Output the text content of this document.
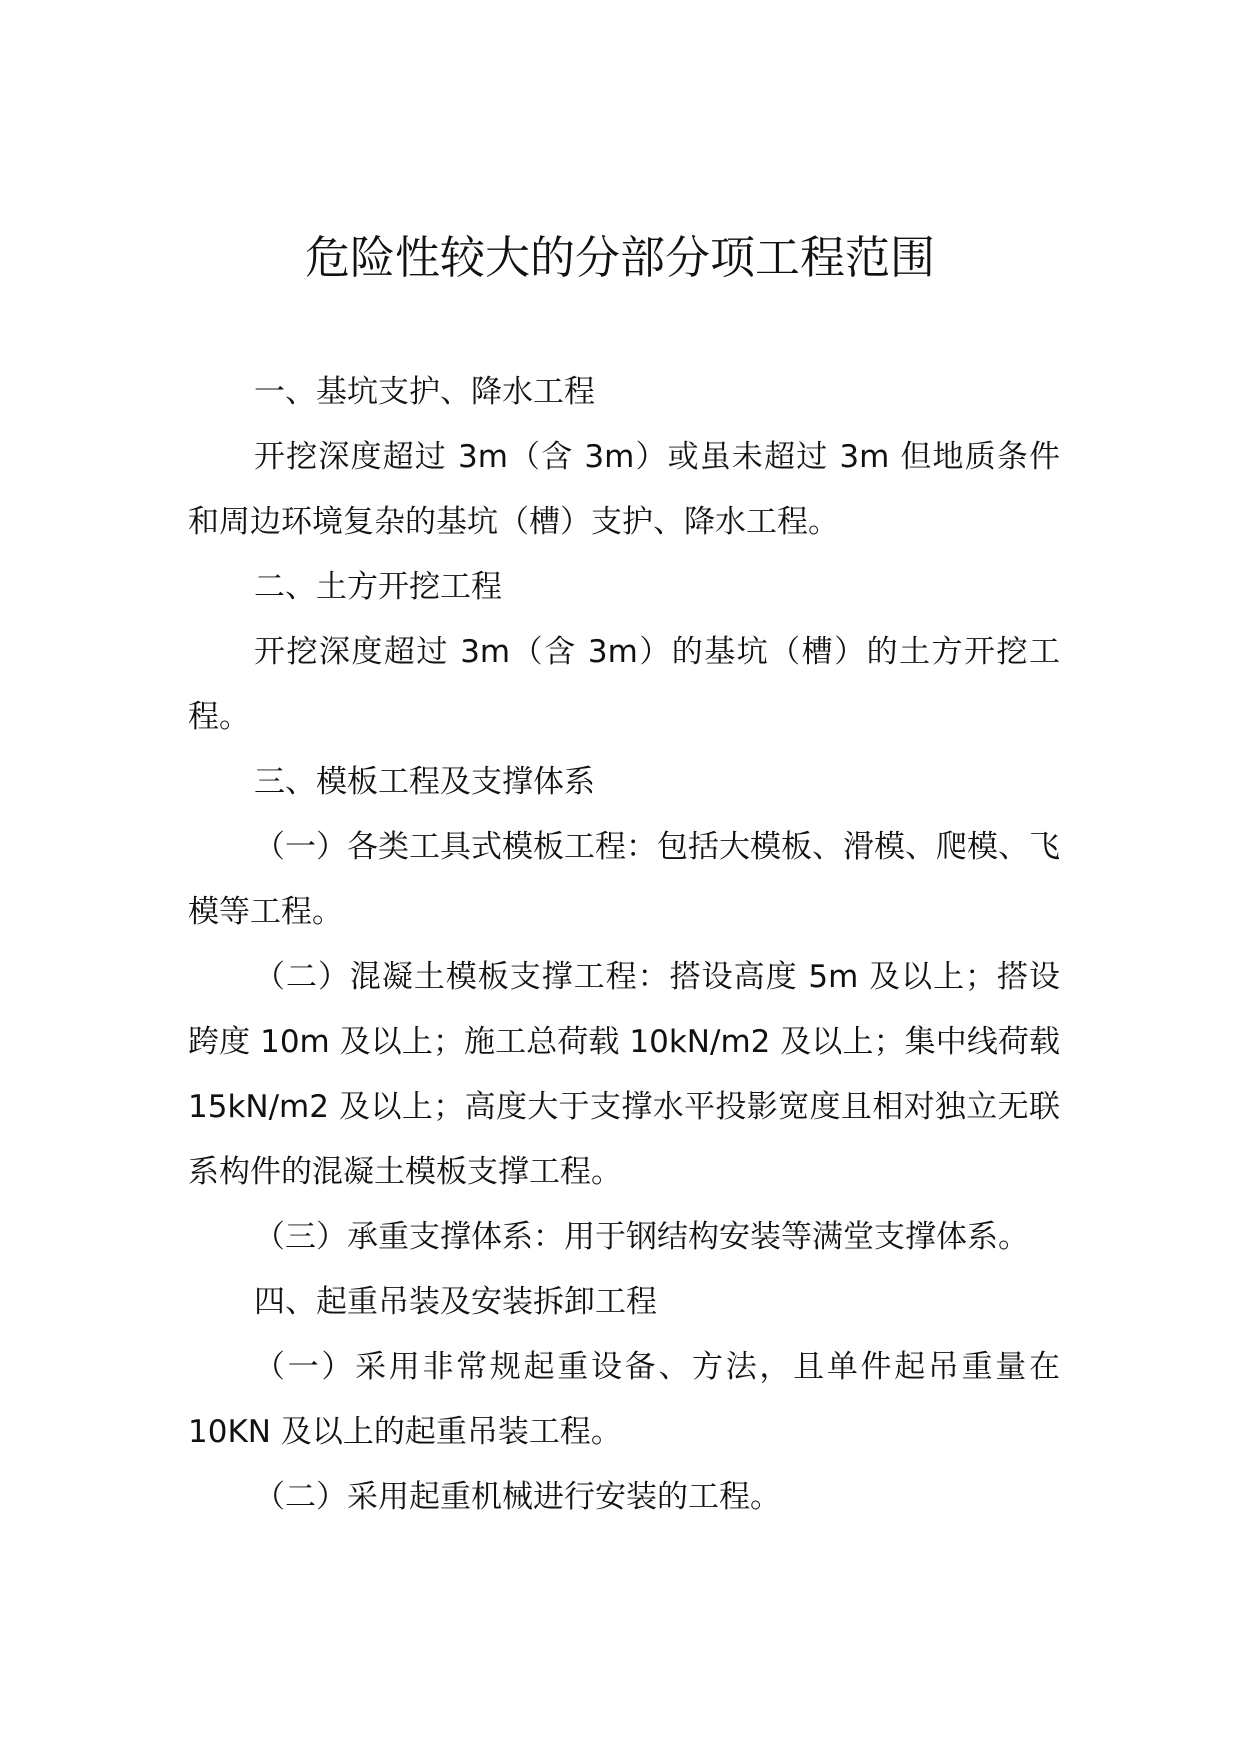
危险性较大的分部分项工程范围

一、基坑支护、降水工程

开挖深度超过 3m（含 3m）或虽未超过 3m 但地质条件和周边环境复杂的基坑（槽）支护、降水工程。

二、土方开挖工程

开挖深度超过 3m（含 3m）的基坑（槽）的土方开挖工程。

三、模板工程及支撑体系

（一）各类工具式模板工程：包括大模板、滑模、爬模、飞模等工程。

（二）混凝土模板支撑工程：搭设高度 5m 及以上；搭设跨度 10m 及以上；施工总荷载 10kN/m2 及以上；集中线荷载 15kN/m2 及以上；高度大于支撑水平投影宽度且相对独立无联系构件的混凝土模板支撑工程。

（三）承重支撑体系：用于钢结构安装等满堂支撑体系。

四、起重吊装及安装拆卸工程

（一）采用非常规起重设备、方法，且单件起吊重量在 10KN 及以上的起重吊装工程。

（二）采用起重机械进行安装的工程。
